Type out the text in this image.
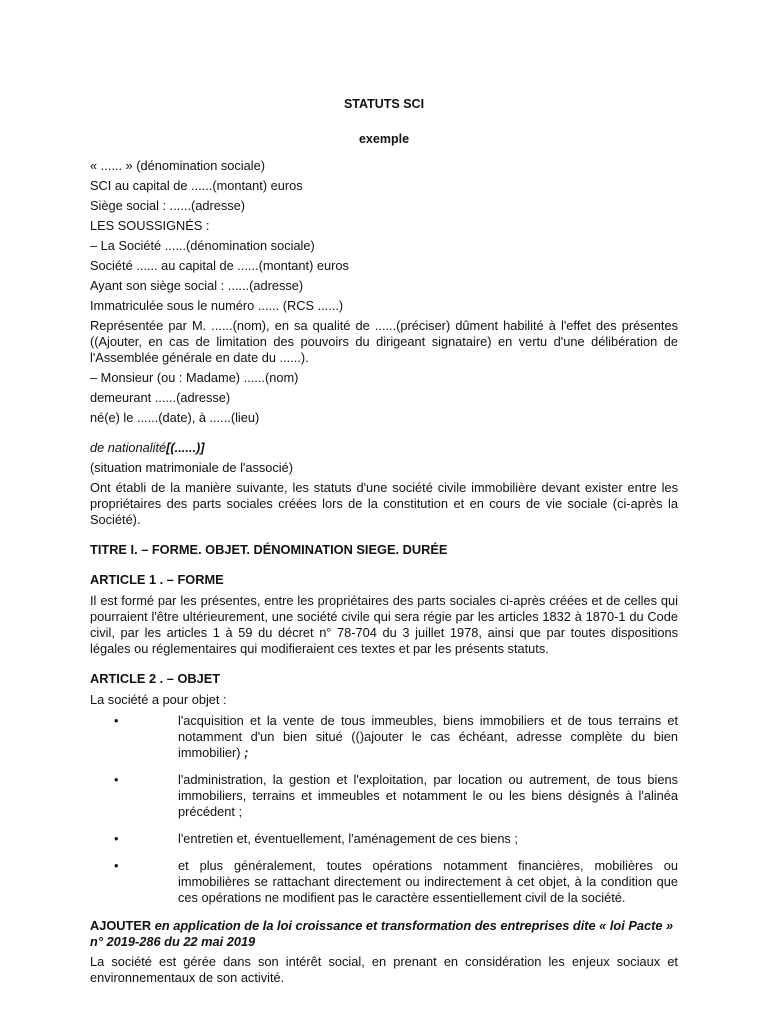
STATUTS SCI
exemple

« ...... » (dénomination sociale)

SCI au capital de ......(montant) euros

Siège social : ......(adresse)

LES SOUSSIGNÉS :

– La Société ......(dénomination sociale)

Société ...... au capital de ......(montant) euros

Ayant son siège social : ......(adresse)

Immatriculée sous le numéro ...... (RCS ......)

Représentée par M. ......(nom), en sa qualité de ......(préciser) dûment habilité à l'effet des présentes ((Ajouter, en cas de limitation des pouvoirs du dirigeant signataire) en vertu d'une délibération de l'Assemblée générale en date du ......).

– Monsieur (ou : Madame) ......(nom)

demeurant ......(adresse)

né(e) le ......(date), à ......(lieu)

de nationalité[(......)]

(situation matrimoniale de l'associé)

Ont établi de la manière suivante, les statuts d'une société civile immobilière devant exister entre les propriétaires des parts sociales créées lors de la constitution et en cours de vie sociale (ci-après la Société).

TITRE I. – FORME. OBJET. DÉNOMINATION SIEGE. DURÉE

ARTICLE 1 . – FORME

Il est formé par les présentes, entre les propriétaires des parts sociales ci-après créées et de celles qui pourraient l'être ultérieurement, une société civile qui sera régie par les articles 1832 à 1870-1 du Code civil, par les articles 1 à 59 du décret n° 78-704 du 3 juillet 1978, ainsi que par toutes dispositions légales ou réglementaires qui modifieraient ces textes et par les présents statuts.

ARTICLE 2 . – OBJET

La société a pour objet :

•	l'acquisition et la vente de tous immeubles, biens immobiliers et de tous terrains et notamment d'un bien situé (()ajouter le cas échéant, adresse complète du bien immobilier) ;
•	l'administration, la gestion et l'exploitation, par location ou autrement, de tous biens immobiliers, terrains et immeubles et notamment le ou les biens désignés à l'alinéa précédent ;
•	l'entretien et, éventuellement, l'aménagement de ces biens ;
•	et plus généralement, toutes opérations notamment financières, mobilières ou immobilières se rattachant directement ou indirectement à cet objet, à la condition que ces opérations ne modifient pas le caractère essentiellement civil de la société.

AJOUTER en application de la loi croissance et transformation des entreprises dite « loi Pacte » n° 2019-286 du 22 mai 2019

La société est gérée dans son intérêt social, en prenant en considération les enjeux sociaux et environnementaux de son activité.
